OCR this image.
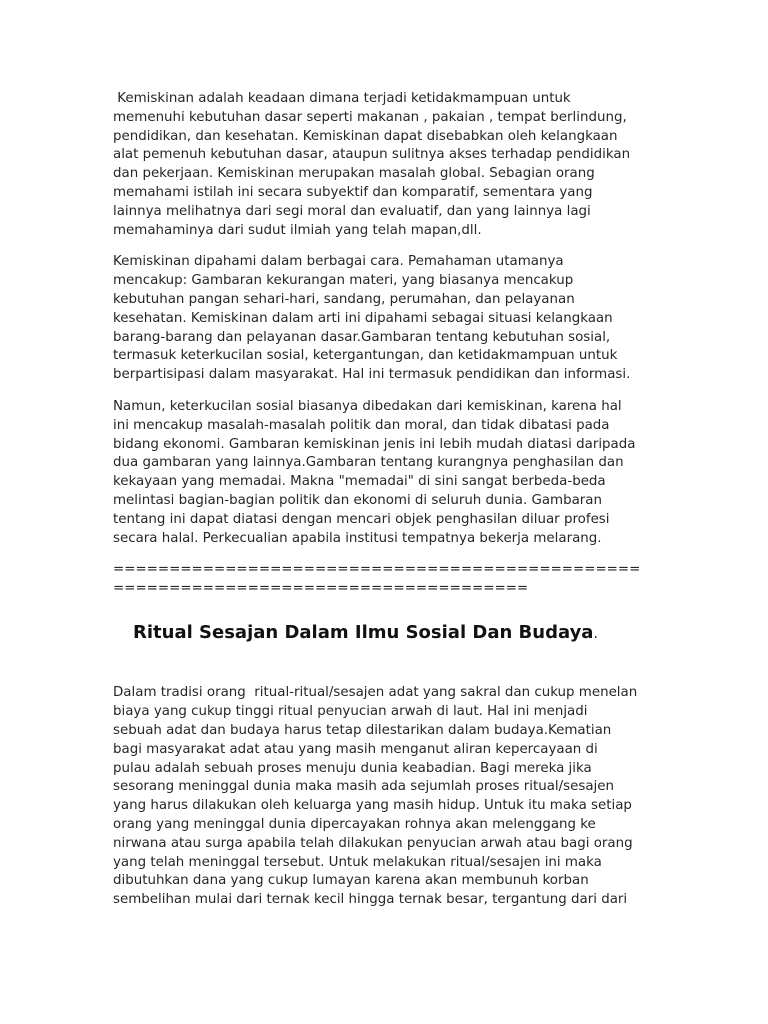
Kemiskinan adalah keadaan dimana terjadi ketidakmampuan untuk
memenuhi kebutuhan dasar seperti makanan , pakaian , tempat berlindung,
pendidikan, dan kesehatan. Kemiskinan dapat disebabkan oleh kelangkaan
alat pemenuh kebutuhan dasar, ataupun sulitnya akses terhadap pendidikan
dan pekerjaan. Kemiskinan merupakan masalah global. Sebagian orang
memahami istilah ini secara subyektif dan komparatif, sementara yang
lainnya melihatnya dari segi moral dan evaluatif, dan yang lainnya lagi
memahaminya dari sudut ilmiah yang telah mapan,dll.

Kemiskinan dipahami dalam berbagai cara. Pemahaman utamanya
mencakup: Gambaran kekurangan materi, yang biasanya mencakup
kebutuhan pangan sehari-hari, sandang, perumahan, dan pelayanan
kesehatan. Kemiskinan dalam arti ini dipahami sebagai situasi kelangkaan
barang-barang dan pelayanan dasar.Gambaran tentang kebutuhan sosial,
termasuk keterkucilan sosial, ketergantungan, dan ketidakmampuan untuk
berpartisipasi dalam masyarakat. Hal ini termasuk pendidikan dan informasi.

Namun, keterkucilan sosial biasanya dibedakan dari kemiskinan, karena hal
ini mencakup masalah-masalah politik dan moral, dan tidak dibatasi pada
bidang ekonomi. Gambaran kemiskinan jenis ini lebih mudah diatasi daripada
dua gambaran yang lainnya.Gambaran tentang kurangnya penghasilan dan
kekayaan yang memadai. Makna "memadai" di sini sangat berbeda-beda
melintasi bagian-bagian politik dan ekonomi di seluruh dunia. Gambaran
tentang ini dapat diatasi dengan mencari objek penghasilan diluar profesi
secara halal. Perkecualian apabila institusi tempatnya bekerja melarang.

===============================================
=====================================
Ritual Sesajan Dalam Ilmu Sosial Dan Budaya.

Dalam tradisi orang  ritual-ritual/sesajen adat yang sakral dan cukup menelan
biaya yang cukup tinggi ritual penyucian arwah di laut. Hal ini menjadi
sebuah adat dan budaya harus tetap dilestarikan dalam budaya.Kematian
bagi masyarakat adat atau yang masih menganut aliran kepercayaan di
pulau adalah sebuah proses menuju dunia keabadian. Bagi mereka jika
sesorang meninggal dunia maka masih ada sejumlah proses ritual/sesajen
yang harus dilakukan oleh keluarga yang masih hidup. Untuk itu maka setiap
orang yang meninggal dunia dipercayakan rohnya akan melenggang ke
nirwana atau surga apabila telah dilakukan penyucian arwah atau bagi orang
yang telah meninggal tersebut. Untuk melakukan ritual/sesajen ini maka
dibutuhkan dana yang cukup lumayan karena akan membunuh korban
sembelihan mulai dari ternak kecil hingga ternak besar, tergantung dari dari
